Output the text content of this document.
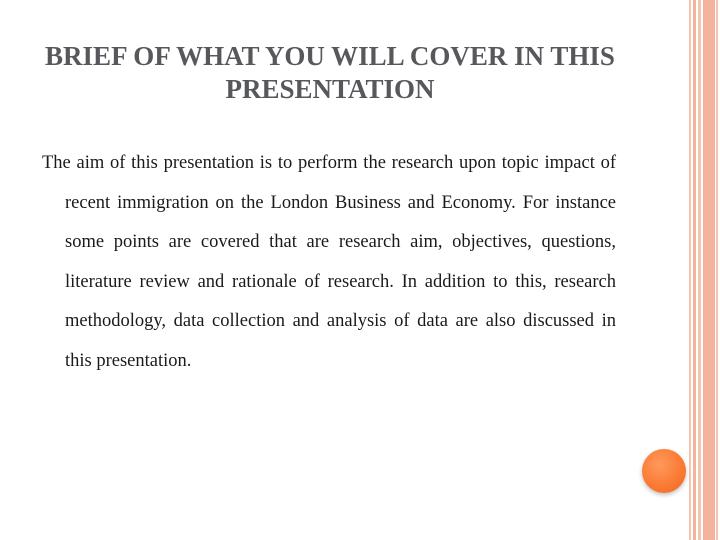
BRIEF OF WHAT YOU WILL COVER IN THIS PRESENTATION

The aim of this presentation is to perform the research upon topic impact of recent immigration on the London Business and Economy. For instance some points are covered that are research aim, objectives, questions, literature review and rationale of research. In addition to this, research methodology, data collection and analysis of data are also discussed in this presentation.
